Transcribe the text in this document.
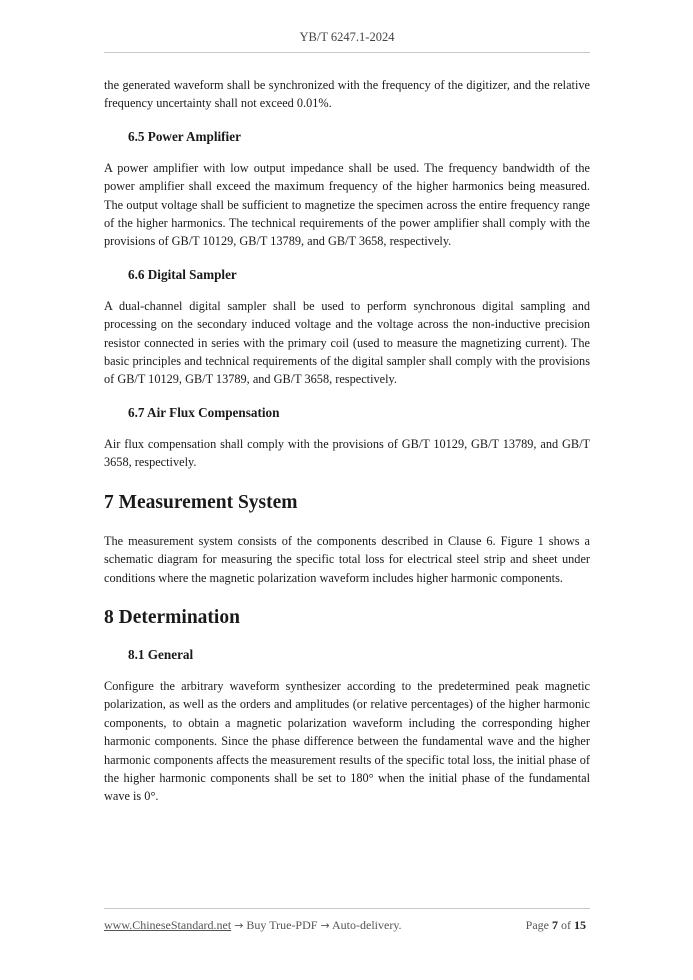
YB/T 6247.1-2024

the generated waveform shall be synchronized with the frequency of the digitizer, and the relative frequency uncertainty shall not exceed 0.01%.

6.5 Power Amplifier

A power amplifier with low output impedance shall be used. The frequency bandwidth of the power amplifier shall exceed the maximum frequency of the higher harmonics being measured. The output voltage shall be sufficient to magnetize the specimen across the entire frequency range of the higher harmonics. The technical requirements of the power amplifier shall comply with the provisions of GB/T 10129, GB/T 13789, and GB/T 3658, respectively.

6.6 Digital Sampler

A dual-channel digital sampler shall be used to perform synchronous digital sampling and processing on the secondary induced voltage and the voltage across the non-inductive precision resistor connected in series with the primary coil (used to measure the magnetizing current). The basic principles and technical requirements of the digital sampler shall comply with the provisions of GB/T 10129, GB/T 13789, and GB/T 3658, respectively.

6.7 Air Flux Compensation

Air flux compensation shall comply with the provisions of GB/T 10129, GB/T 13789, and GB/T 3658, respectively.

7 Measurement System

The measurement system consists of the components described in Clause 6. Figure 1 shows a schematic diagram for measuring the specific total loss for electrical steel strip and sheet under conditions where the magnetic polarization waveform includes higher harmonic components.

8 Determination

8.1 General

Configure the arbitrary waveform synthesizer according to the predetermined peak magnetic polarization, as well as the orders and amplitudes (or relative percentages) of the higher harmonic components, to obtain a magnetic polarization waveform including the corresponding higher harmonic components. Since the phase difference between the fundamental wave and the higher harmonic components affects the measurement results of the specific total loss, the initial phase of the higher harmonic components shall be set to 180° when the initial phase of the fundamental wave is 0°.

www.ChineseStandard.net → Buy True-PDF → Auto-delivery.	Page 7 of 15
